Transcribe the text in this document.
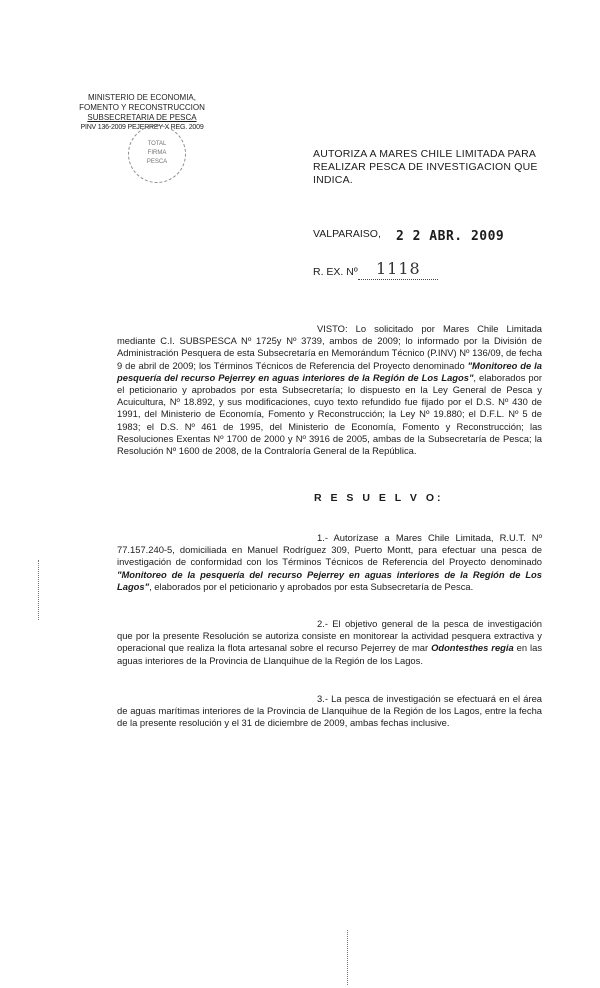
MINISTERIO DE ECONOMIA,
FOMENTO Y RECONSTRUCCION
SUBSECRETARIA DE PESCA
PINV 136-2009 PEJERREY X REG. 2009
TOTAL
FIRMA
PESCA
AUTORIZA A MARES CHILE LIMITADA PARA REALIZAR PESCA DE INVESTIGACION QUE INDICA.
VALPARAISO, 2 2 ABR. 2009
R. EX. Nº 1118
VISTO: Lo solicitado por Mares Chile Limitada mediante C.I. SUBSPESCA Nº 1725y Nº 3739, ambos de 2009; lo informado por la División de Administración Pesquera de esta Subsecretaría en Memorándum Técnico (P.INV) Nº 136/09, de fecha 9 de abril de 2009; los Términos Técnicos de Referencia del Proyecto denominado "Monitoreo de la pesquería del recurso Pejerrey en aguas interiores de la Región de Los Lagos", elaborados por el peticionario y aprobados por esta Subsecretaría; lo dispuesto en la Ley General de Pesca y Acuicultura, Nº 18.892, y sus modificaciones, cuyo texto refundido fue fijado por el D.S. Nº 430 de 1991, del Ministerio de Economía, Fomento y Reconstrucción; la Ley Nº 19.880; el D.F.L. Nº 5 de 1983; el D.S. Nº 461 de 1995, del Ministerio de Economía, Fomento y Reconstrucción; las Resoluciones Exentas Nº 1700 de 2000 y Nº 3916 de 2005, ambas de la Subsecretaría de Pesca; la Resolución Nº 1600 de 2008, de la Contraloría General de la República.
R E S U E L V O:
1.- Autorízase a Mares Chile Limitada, R.U.T. Nº 77.157.240-5, domiciliada en Manuel Rodríguez 309, Puerto Montt, para efectuar una pesca de investigación de conformidad con los Términos Técnicos de Referencia del Proyecto denominado "Monitoreo de la pesquería del recurso Pejerrey en aguas interiores de la Región de Los Lagos", elaborados por el peticionario y aprobados por esta Subsecretaría de Pesca.
2.- El objetivo general de la pesca de investigación que por la presente Resolución se autoriza consiste en monitorear la actividad pesquera extractiva y operacional que realiza la flota artesanal sobre el recurso Pejerrey de mar Odontesthes regia en las aguas interiores de la Provincia de Llanquihue de la Región de los Lagos.
3.- La pesca de investigación se efectuará en el área de aguas marítimas interiores de la Provincia de Llanquihue de la Región de los Lagos, entre la fecha de la presente resolución y el 31 de diciembre de 2009, ambas fechas inclusive.
